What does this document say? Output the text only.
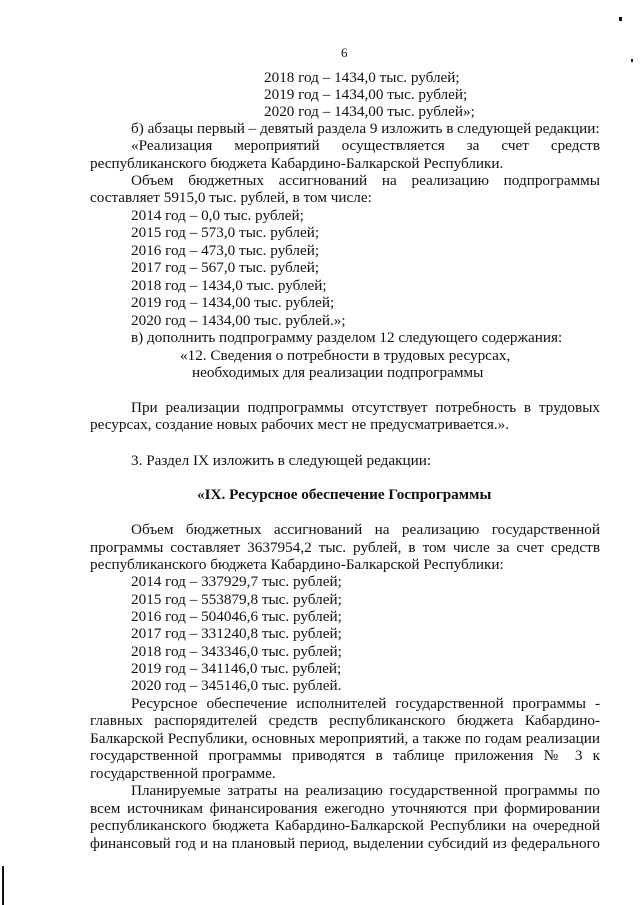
6
2018 год – 1434,0 тыс. рублей;
2019 год – 1434,00 тыс. рублей;
2020 год – 1434,00 тыс. рублей»;
б) абзацы первый – девятый раздела 9 изложить в следующей редакции:
«Реализация мероприятий осуществляется за счет средств
республиканского бюджета Кабардино-Балкарской Республики.
Объем бюджетных ассигнований на реализацию подпрограммы
составляет 5915,0 тыс. рублей, в том числе:
2014 год – 0,0 тыс. рублей;
2015 год – 573,0 тыс. рублей;
2016 год – 473,0 тыс. рублей;
2017 год – 567,0 тыс. рублей;
2018 год – 1434,0 тыс. рублей;
2019 год – 1434,00 тыс. рублей;
2020 год – 1434,00 тыс. рублей.»;
в) дополнить подпрограмму разделом 12 следующего содержания:
«12. Сведения о потребности в трудовых ресурсах,
необходимых для реализации подпрограммы
При реализации подпрограммы отсутствует потребность в трудовых
ресурсах, создание новых рабочих мест не предусматривается.».
3. Раздел IX изложить в следующей редакции:
«IX. Ресурсное обеспечение Госпрограммы
Объем бюджетных ассигнований на реализацию государственной
программы составляет 3637954,2 тыс. рублей, в том числе за счет средств
республиканского бюджета Кабардино-Балкарской Республики:
2014 год – 337929,7 тыс. рублей;
2015 год – 553879,8 тыс. рублей;
2016 год – 504046,6 тыс. рублей;
2017 год – 331240,8 тыс. рублей;
2018 год – 343346,0 тыс. рублей;
2019 год – 341146,0 тыс. рублей;
2020 год – 345146,0 тыс. рублей.
Ресурсное обеспечение исполнителей государственной программы -
главных распорядителей средств республиканского бюджета Кабардино-
Балкарской Республики, основных мероприятий, а также по годам реализации
государственной программы приводятся в таблице приложения № 3 к
государственной программе.
Планируемые затраты на реализацию государственной программы по
всем источникам финансирования ежегодно уточняются при формировании
республиканского бюджета Кабардино-Балкарской Республики на очередной
финансовый год и на плановый период, выделении субсидий из федерального
